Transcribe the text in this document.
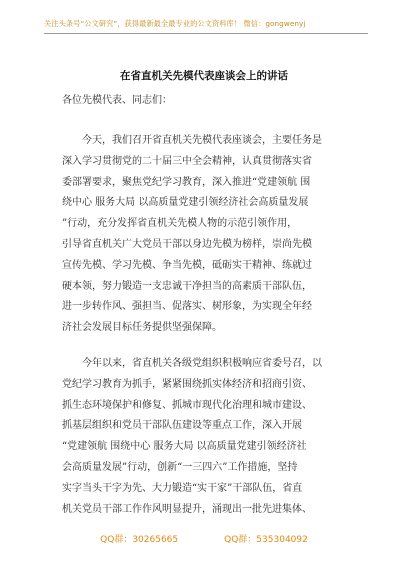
关注头条号“公文研究”，获得最新最全最专业的公文资料库！ 微信：gongwenyj
在省直机关先模代表座谈会上的讲话
各位先模代表、同志们：
今天，我们召开省直机关先模代表座谈会，主要任务是
深入学习贯彻党的二十届三中全会精神，认真贯彻落实省
委部署要求，聚焦党纪学习教育，深入推进“党建领航 围
绕中心 服务大局 以高质量党建引领经济社会高质量发展
”行动，充分发挥省直机关先模人物的示范引领作用，
引导省直机关广大党员干部以身边先模为榜样，崇尚先模
宣传先模、学习先模、争当先模，砥砺实干精神、练就过
硬本领，努力锻造一支忠诚干净担当的高素质干部队伍，
进一步转作风、强担当、促落实、树形象，为实现全年经
济社会发展目标任务提供坚强保障。
今年以来，省直机关各级党组织积极响应省委号召，以
党纪学习教育为抓手，紧紧围绕抓实体经济和招商引资、
抓生态环境保护和修复、抓城市现代化治理和城市建设、
抓基层组织和党员干部队伍建设等重点工作，深入开展
“党建领航 围绕中心 服务大局 以高质量党建引领经济社
会高质量发展”行动，创新“一三四六”工作措施，坚持
实字当头干字为先、大力锻造“实干家”干部队伍，省直
机关党员干部工作作风明显提升，涌现出一批先进集体、
QQ群：30265665	QQ群：535304092
